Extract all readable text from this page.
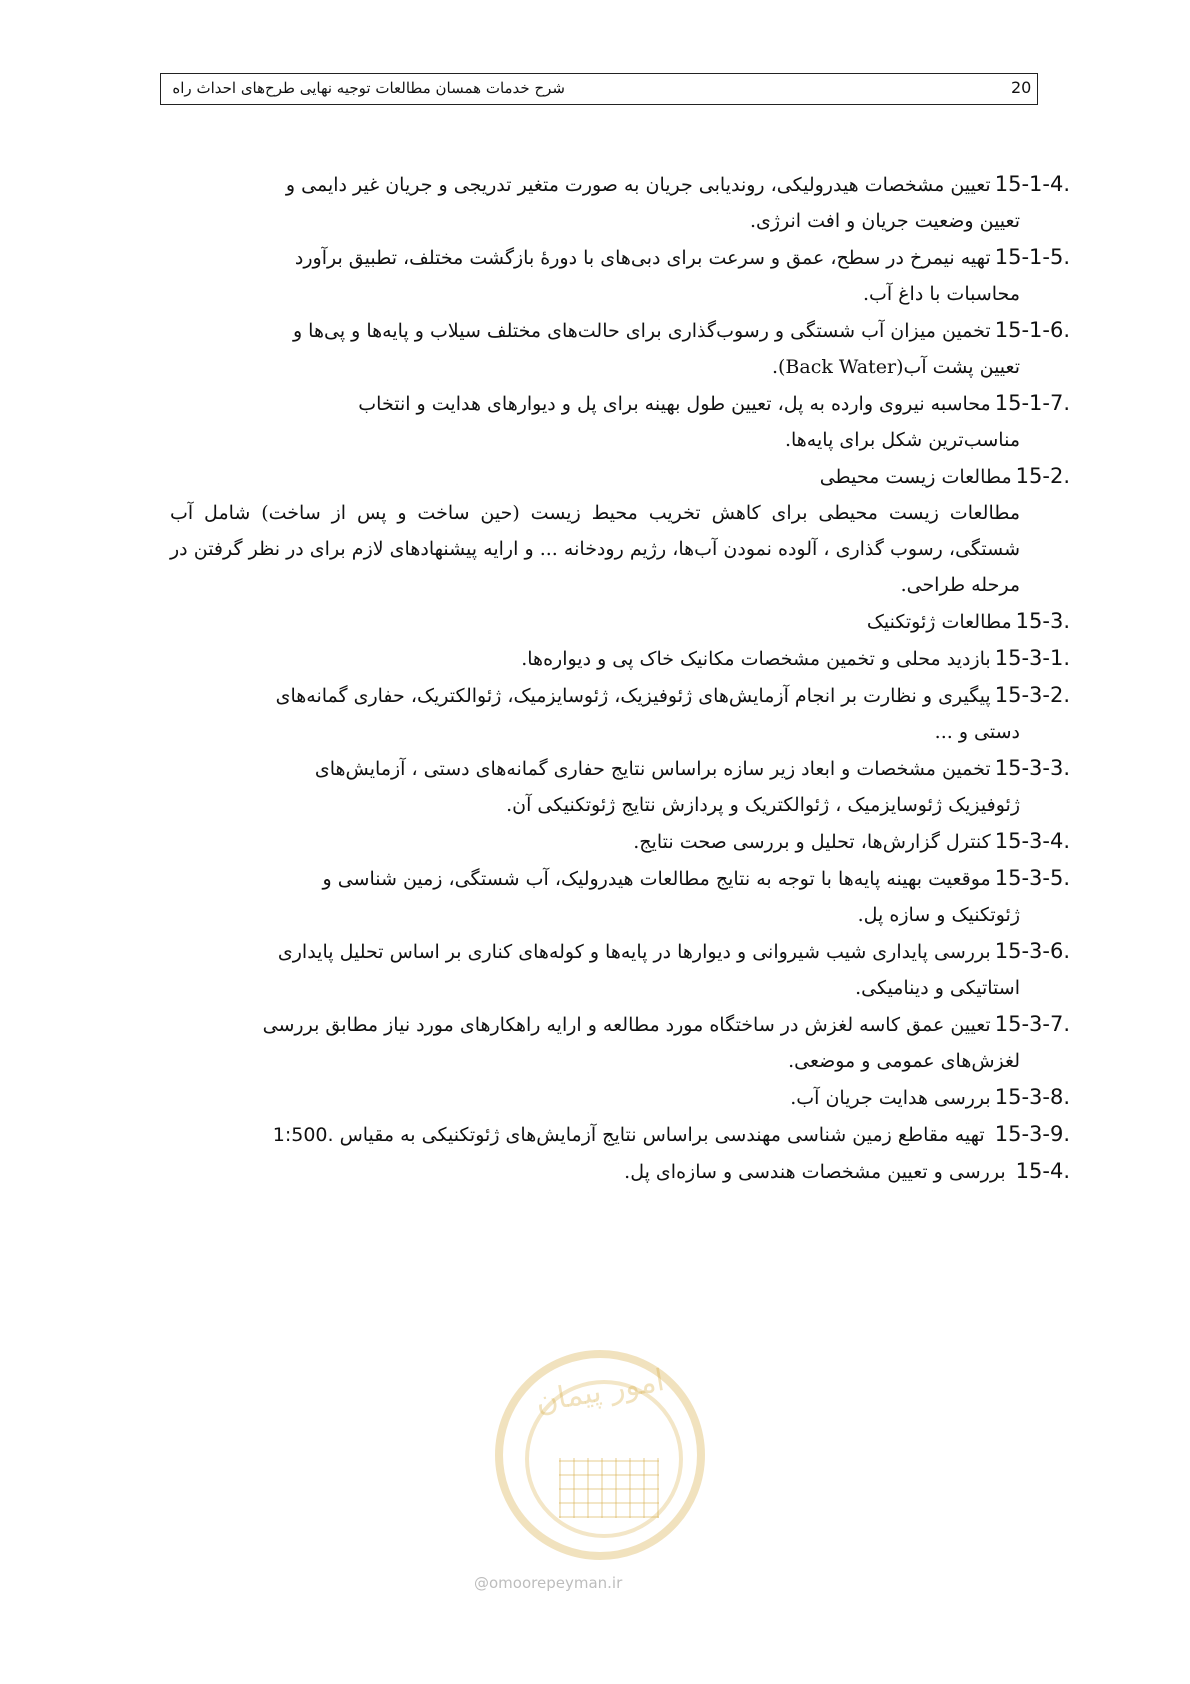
20
شرح خدمات همسان مطالعات توجیه نهایی طرح‌های احداث راه
15-1-4.تعیین مشخصات هیدرولیکی، روندیابی جریان به صورت متغیر تدریجی و جریان غیر دایمی و
تعیین وضعیت جریان و افت انرژی.
15-1-5.تهیه نیمرخ در سطح، عمق و سرعت برای دبی‌های با دورهٔ بازگشت مختلف، تطبیق برآورد
محاسبات با داغ آب.
15-1-6.تخمین میزان آب شستگی و رسوب‌گذاری برای حالت‌های مختلف سیلاب و پایه‌ها و پی‌ها و
تعیین پشت آب(Back Water).
15-1-7.محاسبه نیروی وارده به پل، تعیین طول بهینه برای پل و دیوارهای هدایت و انتخاب
مناسب‌ترین شکل برای پایه‌ها.
15-2.مطالعات زیست محیطی
مطالعات زیست محیطی برای کاهش تخریب محیط زیست (حین ساخت و پس از ساخت) شامل آب شستگی، رسوب گذاری ، آلوده نمودن آب‌ها، رژیم رودخانه ... و ارایه پیشنهادهای لازم برای در نظر گرفتن در مرحله طراحی.
15-3.مطالعات ژئوتکنیک
15-3-1.بازدید محلی و تخمین مشخصات مکانیک خاک پی و دیواره‌ها.
15-3-2.پیگیری و نظارت بر انجام آزمایش‌های ژئوفیزیک، ژئوسایزمیک، ژئوالکتریک، حفاری گمانه‌های
دستی و ...
15-3-3.تخمین مشخصات و ابعاد زیر سازه براساس نتایج حفاری گمانه‌های دستی ، آزمایش‌های
ژئوفیزیک ژئوسایزمیک ، ژئوالکتریک و پردازش نتایج ژئوتکنیکی آن.
15-3-4.کنترل گزارش‌ها، تحلیل و بررسی صحت نتایج.
15-3-5.موقعیت بهینه پایه‌ها با توجه به نتایج مطالعات هیدرولیک، آب شستگی، زمین شناسی و
ژئوتکنیک و سازه پل.
15-3-6.بررسی پایداری شیب شیروانی و دیوارها در پایه‌ها و کوله‌های کناری بر اساس تحلیل پایداری
استاتیکی و دینامیکی.
15-3-7.تعیین عمق کاسه لغزش در ساختگاه مورد مطالعه و ارایه راهکارهای مورد نیاز مطابق بررسی
لغزش‌های عمومی و موضعی.
15-3-8.بررسی هدایت جریان آب.
15-3-9. تهیه مقاطع زمین شناسی مهندسی براساس نتایج آزمایش‌های ژئوتکنیکی به مقیاس 1:500.
15-4. بررسی و تعیین مشخصات هندسی و سازه‌ای پل.
امور پیمان
@omoorepeyman.ir
